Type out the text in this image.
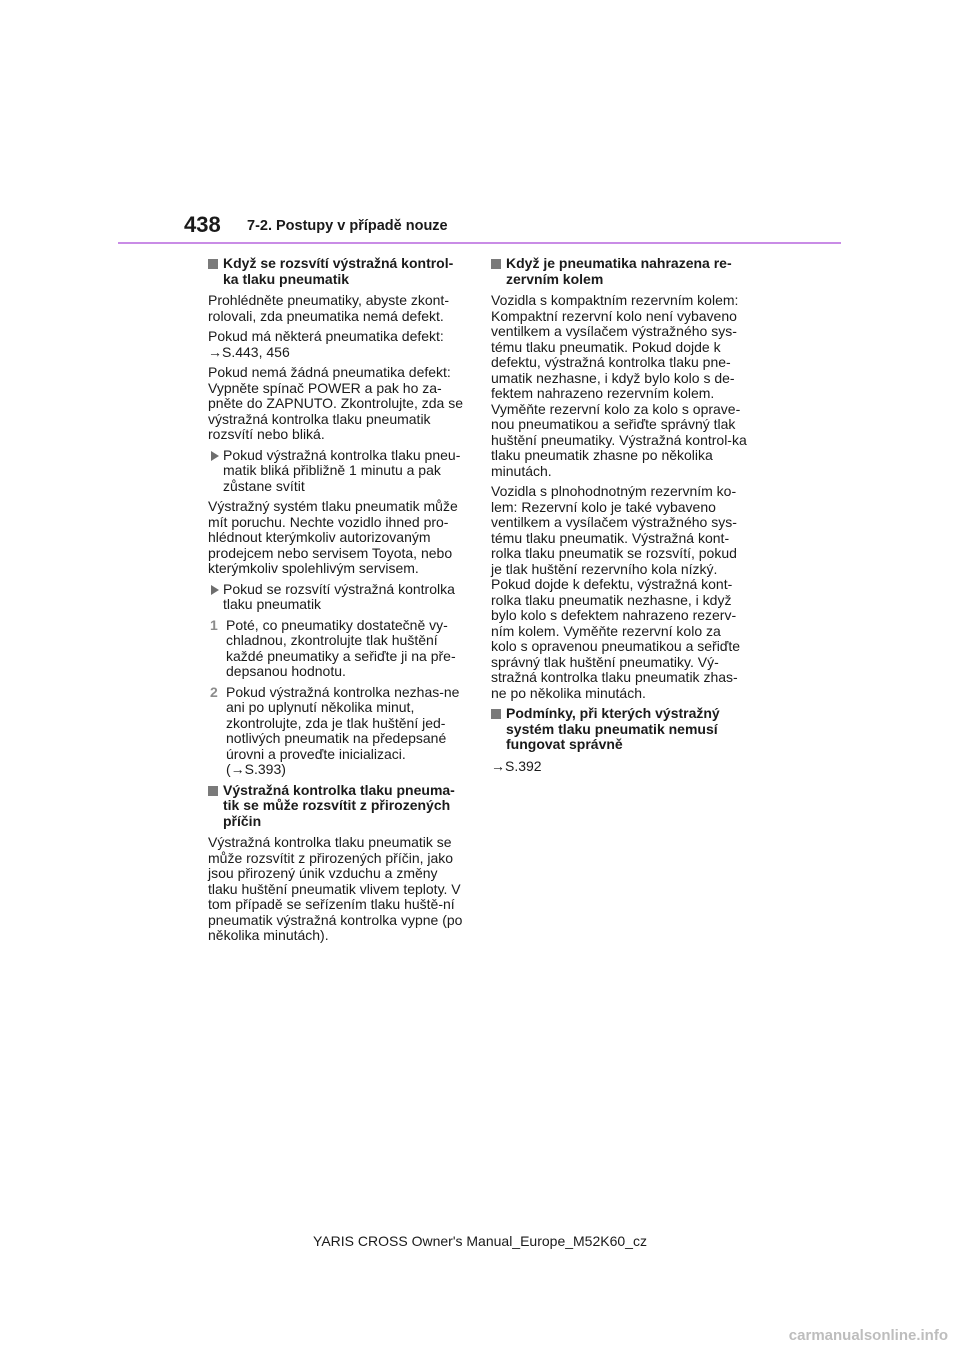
438 7-2. Postupy v případě nouze
Když se rozsvítí výstražná kontrol-ka tlaku pneumatik

Prohlédněte pneumatiky, abyste zkont-rolovali, zda pneumatika nemá defekt.

Pokud má některá pneumatika defekt:
→S.443, 456

Pokud nemá žádná pneumatika defekt: Vypněte spínač POWER a pak ho za-pněte do ZAPNUTO. Zkontrolujte, zda se výstražná kontrolka tlaku pneumatik rozsvítí nebo bliká.

Pokud výstražná kontrolka tlaku pneu-matik bliká přibližně 1 minutu a pak zůstane svítit

Výstražný systém tlaku pneumatik může mít poruchu. Nechte vozidlo ihned pro-hlédnout kterýmkoliv autorizovaným prodejcem nebo servisem Toyota, nebo kterýmkoliv spolehlivým servisem.

Pokud se rozsvítí výstražná kontrolka tlaku pneumatik
1 Poté, co pneumatiky dostatečně vy-chladnou, zkontrolujte tlak huštění každé pneumatiky a seřiďte ji na pře-depsanou hodnotu.
2 Pokud výstražná kontrolka nezhas-ne ani po uplynutí několika minut, zkontrolujte, zda je tlak huštění jed-notlivých pneumatik na předepsané úrovni a proveďte inicializaci.
(→S.393)
Výstražná kontrolka tlaku pneuma-tik se může rozsvítit z přirozených příčin

Výstražná kontrolka tlaku pneumatik se může rozsvítit z přirozených příčin, jako jsou přirozený únik vzduchu a změny tlaku huštění pneumatik vlivem teploty. V tom případě se seřízením tlaku huště-ní pneumatik výstražná kontrolka vypne (po několika minutách).

Když je pneumatika nahrazena re-zervním kolem

Vozidla s kompaktním rezervním kolem: Kompaktní rezervní kolo není vybaveno ventilkem a vysílačem výstražného sys-tému tlaku pneumatik. Pokud dojde k defektu, výstražná kontrolka tlaku pne-umatik nezhasne, i když bylo kolo s de-fektem nahrazeno rezervním kolem. Vyměňte rezervní kolo za kolo s oprave-nou pneumatikou a seřiďte správný tlak huštění pneumatiky. Výstražná kontrol-ka tlaku pneumatik zhasne po několika minutách.

Vozidla s plnohodnotným rezervním ko-lem: Rezervní kolo je také vybaveno ventilkem a vysílačem výstražného sys-tému tlaku pneumatik. Výstražná kont-rolka tlaku pneumatik se rozsvítí, pokud je tlak huštění rezervního kola nízký. Pokud dojde k defektu, výstražná kont-rolka tlaku pneumatik nezhasne, i když bylo kolo s defektem nahrazeno rezerv-ním kolem. Vyměňte rezervní kolo za kolo s opravenou pneumatikou a seřiďte správný tlak huštění pneumatiky. Vý-stražná kontrolka tlaku pneumatik zhas-ne po několika minutách.

Podmínky, při kterých výstražný systém tlaku pneumatik nemusí fungovat správně

→S.392

YARIS CROSS Owner's Manual_Europe_M52K60_cz
carmanualsonline.info
